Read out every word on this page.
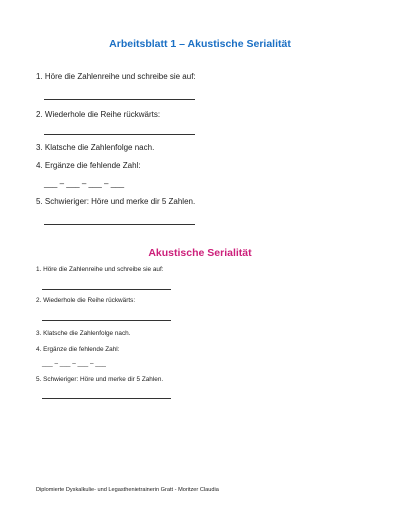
Arbeitsblatt 1 – Akustische Serialität
1. Höre die Zahlenreihe und schreibe sie auf:
2. Wiederhole die Reihe rückwärts:
3. Klatsche die Zahlenfolge nach.
4. Ergänze die fehlende Zahl:
___ – ___ – ___ – ___
5. Schwieriger: Höre und merke dir 5 Zahlen.
Akustische Serialität
1. Höre die Zahlenreihe und schreibe sie auf:
2. Wiederhole die Reihe rückwärts:
3. Klatsche die Zahlenfolge nach.
4. Ergänze die fehlende Zahl:
___ – ___ – ___ – ___
5. Schwieriger: Höre und merke dir 5 Zahlen.
Diplomierte Dyskalkulie- und Legasthenietrainerin Gratt - Moritzer Claudia
